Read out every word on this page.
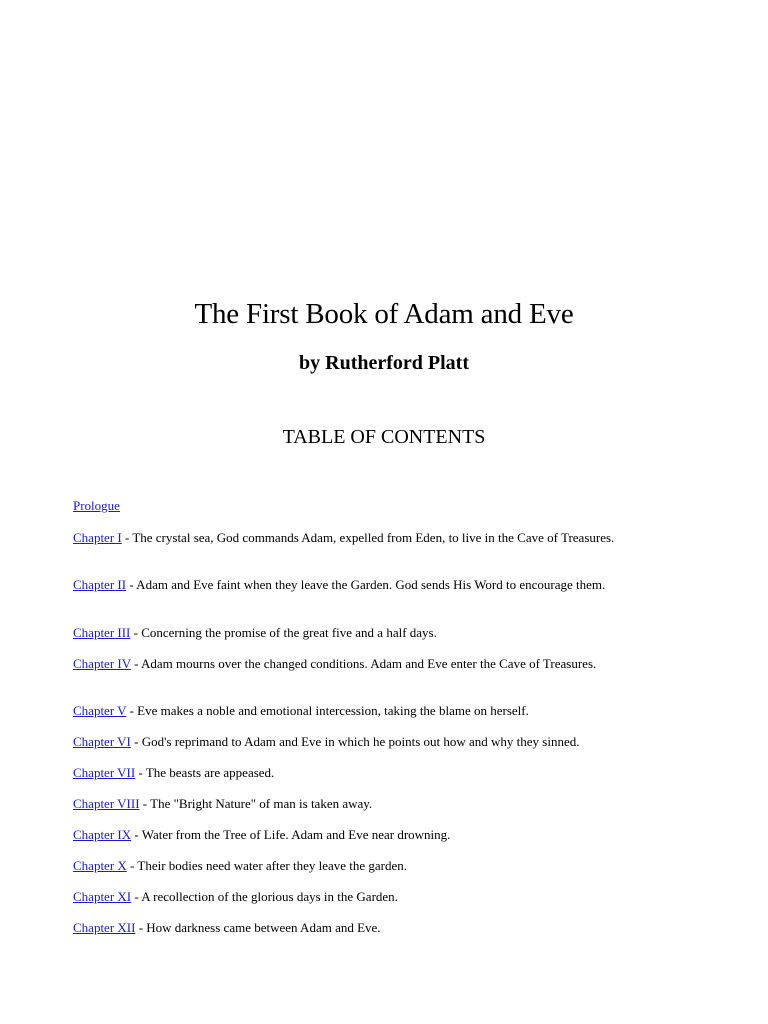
The First Book of Adam and Eve
by Rutherford Platt
TABLE OF CONTENTS
Prologue
Chapter I - The crystal sea, God commands Adam, expelled from Eden, to live in the Cave of Treasures.
Chapter II - Adam and Eve faint when they leave the Garden. God sends His Word to encourage them.
Chapter III - Concerning the promise of the great five and a half days.
Chapter IV - Adam mourns over the changed conditions. Adam and Eve enter the Cave of Treasures.
Chapter V - Eve makes a noble and emotional intercession, taking the blame on herself.
Chapter VI - God's reprimand to Adam and Eve in which he points out how and why they sinned.
Chapter VII - The beasts are appeased.
Chapter VIII - The "Bright Nature" of man is taken away.
Chapter IX - Water from the Tree of Life. Adam and Eve near drowning.
Chapter X - Their bodies need water after they leave the garden.
Chapter XI - A recollection of the glorious days in the Garden.
Chapter XII - How darkness came between Adam and Eve.
